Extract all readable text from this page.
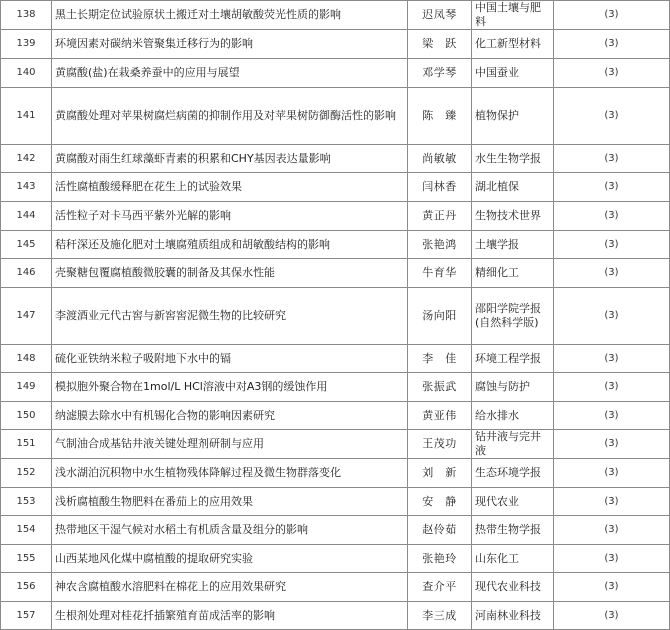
138	黑土长期定位试验原状土搬迁对土壤胡敏酸荧光性质的影响	迟凤琴	中国土壤与肥料	(3)
139	环境因素对碳纳米管聚集迁移行为的影响	梁　跃	化工新型材料	(3)
140	黄腐酸(盐)在栽桑养蚕中的应用与展望	邓学琴	中国蚕业	(3)
141	黄腐酸处理对苹果树腐烂病菌的抑制作用及对苹果树防御酶活性的影响	陈　臻	植物保护	(3)
142	黄腐酸对雨生红球藻虾青素的积累和CHY基因表达量影响	尚敏敏	水生生物学报	(3)
143	活性腐植酸缓释肥在花生上的试验效果	闫林香	湖北植保	(3)
144	活性粒子对卡马西平紫外光解的影响	黄正丹	生物技术世界	(3)
145	秸秆深还及施化肥对土壤腐殖质组成和胡敏酸结构的影响	张艳鸿	土壤学报	(3)
146	壳聚糖包覆腐植酸微胶囊的制备及其保水性能	牛育华	精细化工	(3)
147	李渡酒业元代古窖与新窖窖泥微生物的比较研究	汤向阳	邵阳学院学报(自然科学版)	(3)
148	硫化亚铁纳米粒子吸附地下水中的镉	李　佳	环境工程学报	(3)
149	模拟胞外聚合物在1mol/L HCl溶液中对A3钢的缓蚀作用	张振武	腐蚀与防护	(3)
150	纳滤膜去除水中有机锡化合物的影响因素研究	黄亚伟	给水排水	(3)
151	气制油合成基钻井液关键处理剂研制与应用	王茂功	钻井液与完井液	(3)
152	浅水湖泊沉积物中水生植物残体降解过程及微生物群落变化	刘　新	生态环境学报	(3)
153	浅析腐植酸生物肥料在番茄上的应用效果	安　静	现代农业	(3)
154	热带地区干湿气候对水稻土有机质含量及组分的影响	赵伶茹	热带生物学报	(3)
155	山西某地风化煤中腐植酸的提取研究实验	张艳玲	山东化工	(3)
156	神农含腐植酸水溶肥料在棉花上的应用效果研究	查介平	现代农业科技	(3)
157	生根剂处理对桂花扦插繁殖育苗成活率的影响	李三成	河南林业科技	(3)
